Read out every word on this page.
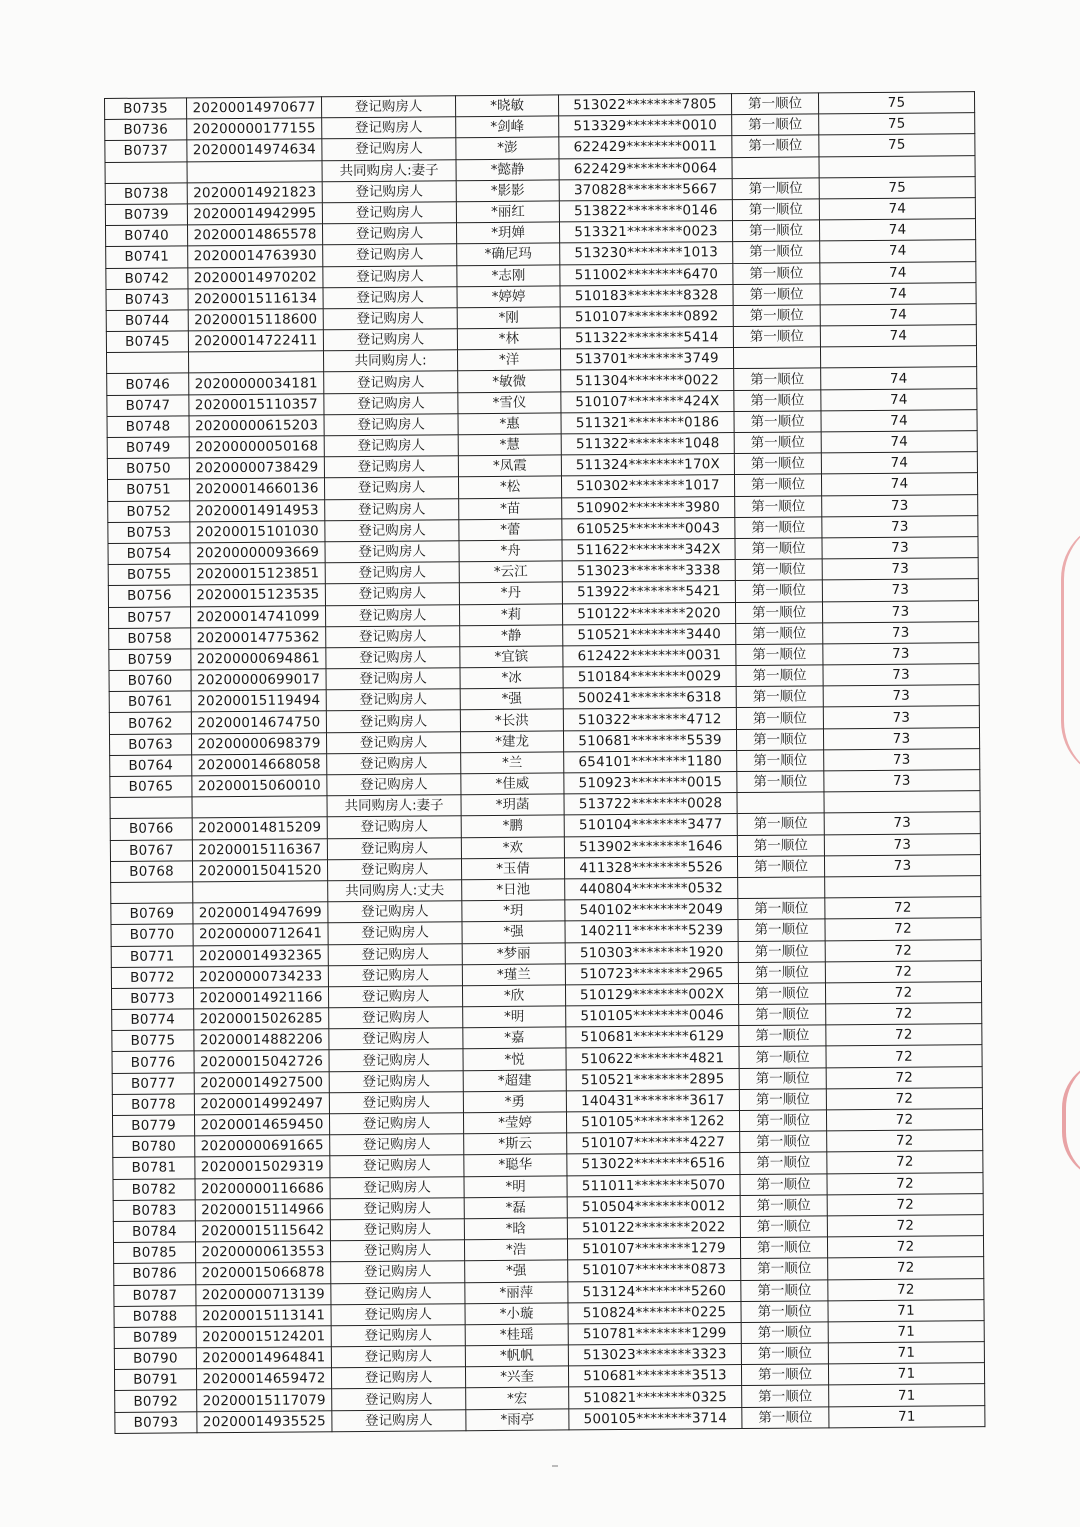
B0735	20200014970677	登记购房人	*晓敏	513022********7805	第一顺位	75
B0736	20200000177155	登记购房人	*剑峰	513329********0010	第一顺位	75
B0737	20200014974634	登记购房人	*澎	622429********0011	第一顺位	75
		共同购房人:妻子	*懿静	622429********0064		
B0738	20200014921823	登记购房人	*影影	370828********5667	第一顺位	75
B0739	20200014942995	登记购房人	*丽红	513822********0146	第一顺位	74
B0740	20200014865578	登记购房人	*玥婵	513321********0023	第一顺位	74
B0741	20200014763930	登记购房人	*确尼玛	513230********1013	第一顺位	74
B0742	20200014970202	登记购房人	*志刚	511002********6470	第一顺位	74
B0743	20200015116134	登记购房人	*婷婷	510183********8328	第一顺位	74
B0744	20200015118600	登记购房人	*刚	510107********0892	第一顺位	74
B0745	20200014722411	登记购房人	*林	511322********5414	第一顺位	74
		共同购房人:	*洋	513701********3749		
B0746	20200000034181	登记购房人	*敏微	511304********0022	第一顺位	74
B0747	20200015110357	登记购房人	*雪仪	510107********424X	第一顺位	74
B0748	20200000615203	登记购房人	*惠	511321********0186	第一顺位	74
B0749	20200000050168	登记购房人	*慧	511322********1048	第一顺位	74
B0750	20200000738429	登记购房人	*凤霞	511324********170X	第一顺位	74
B0751	20200014660136	登记购房人	*松	510302********1017	第一顺位	74
B0752	20200014914953	登记购房人	*苗	510902********3980	第一顺位	73
B0753	20200015101030	登记购房人	*蕾	610525********0043	第一顺位	73
B0754	20200000093669	登记购房人	*舟	511622********342X	第一顺位	73
B0755	20200015123851	登记购房人	*云江	513023********3338	第一顺位	73
B0756	20200015123535	登记购房人	*丹	513922********5421	第一顺位	73
B0757	20200014741099	登记购房人	*莉	510122********2020	第一顺位	73
B0758	20200014775362	登记购房人	*静	510521********3440	第一顺位	73
B0759	20200000694861	登记购房人	*宜镔	612422********0031	第一顺位	73
B0760	20200000699017	登记购房人	*冰	510184********0029	第一顺位	73
B0761	20200015119494	登记购房人	*强	500241********6318	第一顺位	73
B0762	20200014674750	登记购房人	*长洪	510322********4712	第一顺位	73
B0763	20200000698379	登记购房人	*建龙	510681********5539	第一顺位	73
B0764	20200014668058	登记购房人	*兰	654101********1180	第一顺位	73
B0765	20200015060010	登记购房人	*佳威	510923********0015	第一顺位	73
		共同购房人:妻子	*玥菡	513722********0028		
B0766	20200014815209	登记购房人	*鹏	510104********3477	第一顺位	73
B0767	20200015116367	登记购房人	*欢	513902********1646	第一顺位	73
B0768	20200015041520	登记购房人	*玉倩	411328********5526	第一顺位	73
		共同购房人:丈夫	*日池	440804********0532		
B0769	20200014947699	登记购房人	*玥	540102********2049	第一顺位	72
B0770	20200000712641	登记购房人	*强	140211********5239	第一顺位	72
B0771	20200014932365	登记购房人	*梦丽	510303********1920	第一顺位	72
B0772	20200000734233	登记购房人	*瑾兰	510723********2965	第一顺位	72
B0773	20200014921166	登记购房人	*欣	510129********002X	第一顺位	72
B0774	20200015026285	登记购房人	*明	510105********0046	第一顺位	72
B0775	20200014882206	登记购房人	*嘉	510681********6129	第一顺位	72
B0776	20200015042726	登记购房人	*悦	510622********4821	第一顺位	72
B0777	20200014927500	登记购房人	*超建	510521********2895	第一顺位	72
B0778	20200014992497	登记购房人	*勇	140431********3617	第一顺位	72
B0779	20200014659450	登记购房人	*莹婷	510105********1262	第一顺位	72
B0780	20200000691665	登记购房人	*斯云	510107********4227	第一顺位	72
B0781	20200015029319	登记购房人	*聪华	513022********6516	第一顺位	72
B0782	20200000116686	登记购房人	*明	511011********5070	第一顺位	72
B0783	20200015114966	登记购房人	*磊	510504********0012	第一顺位	72
B0784	20200015115642	登记购房人	*晗	510122********2022	第一顺位	72
B0785	20200000613553	登记购房人	*浩	510107********1279	第一顺位	72
B0786	20200015066878	登记购房人	*强	510107********0873	第一顺位	72
B0787	20200000713139	登记购房人	*丽萍	513124********5260	第一顺位	72
B0788	20200015113141	登记购房人	*小璇	510824********0225	第一顺位	71
B0789	20200015124201	登记购房人	*桂瑶	510781********1299	第一顺位	71
B0790	20200014964841	登记购房人	*帆帆	513023********3323	第一顺位	71
B0791	20200014659472	登记购房人	*兴奎	510681********3513	第一顺位	71
B0792	20200015117079	登记购房人	*宏	510821********0325	第一顺位	71
B0793	20200014935525	登记购房人	*雨亭	500105********3714	第一顺位	71
